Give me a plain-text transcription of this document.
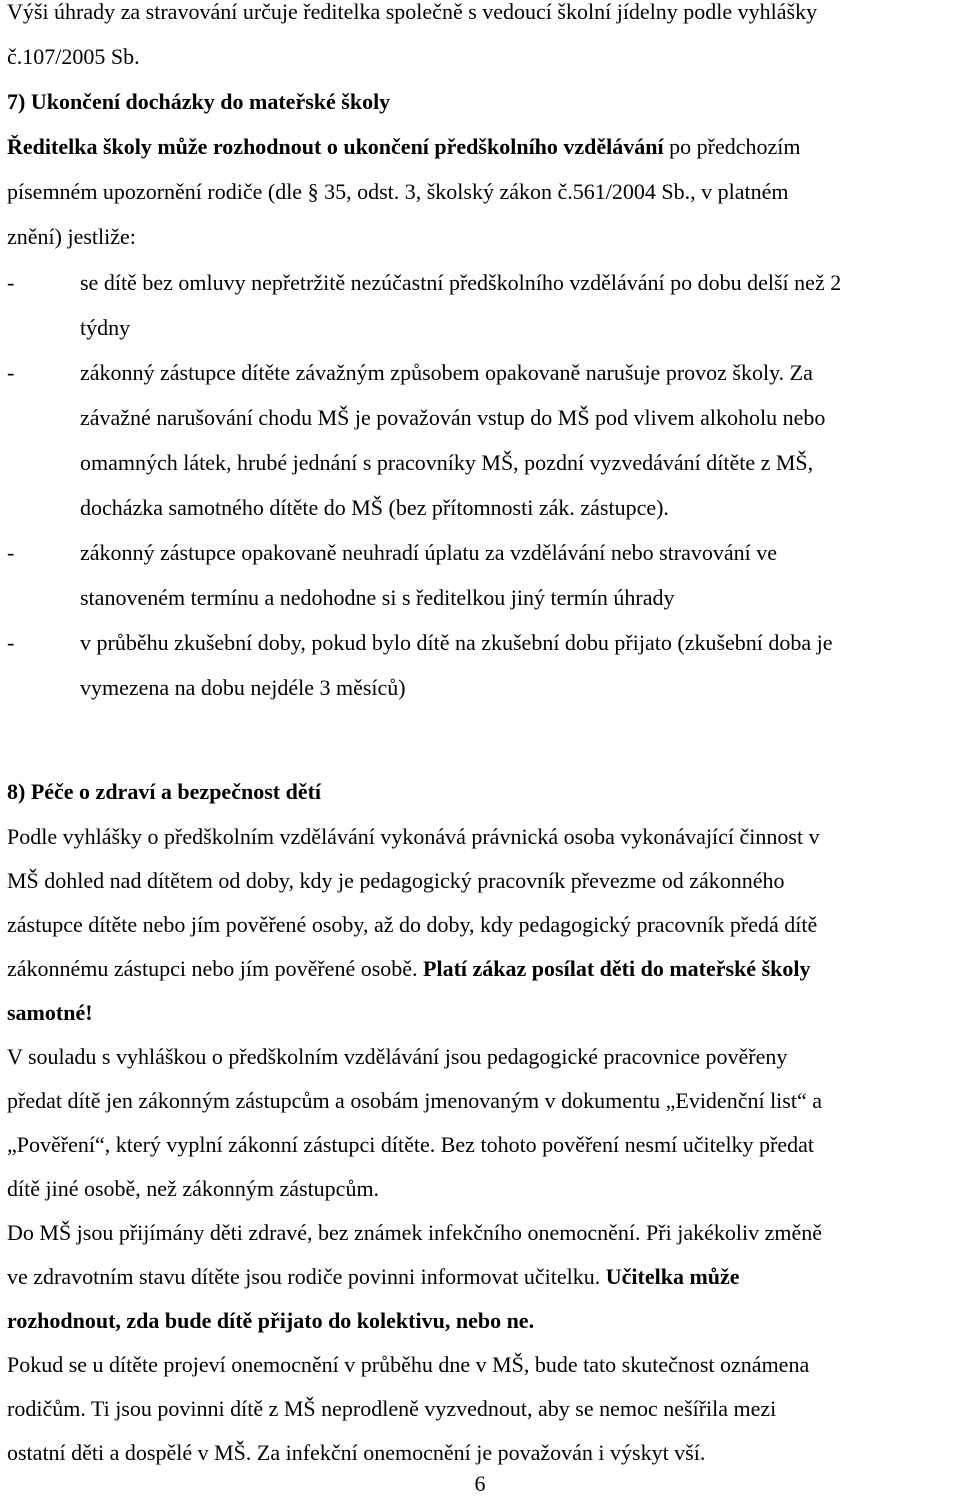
Výši úhrady za stravování určuje ředitelka společně s vedoucí školní jídelny podle vyhlášky
č.107/2005 Sb.
7) Ukončení docházky do mateřské školy
Ředitelka školy může rozhodnout o ukončení předškolního vzdělávání po předchozím
písemném upozornění rodiče (dle § 35, odst. 3, školský zákon č.561/2004 Sb., v platném
znění) jestliže:
-	se dítě bez omluvy nepřetržitě nezúčastní předškolního vzdělávání po dobu delší než 2
týdny
-	zákonný zástupce dítěte závažným způsobem opakovaně narušuje provoz školy. Za
závažné narušování chodu MŠ je považován vstup do MŠ pod vlivem alkoholu nebo
omamných látek, hrubé jednání s pracovníky MŠ, pozdní vyzvedávání dítěte z MŠ,
docházka samotného dítěte do MŠ (bez přítomnosti zák. zástupce).
-	zákonný zástupce opakovaně neuhradí úplatu za vzdělávání nebo stravování ve
stanoveném termínu a nedohodne si s ředitelkou jiný termín úhrady
-	v průběhu zkušební doby, pokud bylo dítě na zkušební dobu přijato (zkušební doba je
vymezena na dobu nejdéle 3 měsíců)
8) Péče o zdraví a bezpečnost dětí
Podle vyhlášky o předškolním vzdělávání vykonává právnická osoba vykonávající činnost v
MŠ dohled nad dítětem od doby, kdy je pedagogický pracovník převezme od zákonného
zástupce dítěte nebo jím pověřené osoby, až do doby, kdy pedagogický pracovník předá dítě
zákonnému zástupci nebo jím pověřené osobě. Platí zákaz posílat děti do mateřské školy
samotné!
V souladu s vyhláškou o předškolním vzdělávání jsou pedagogické pracovnice pověřeny
předat dítě jen zákonným zástupcům a osobám jmenovaným v dokumentu „Evidenční list“ a
„Pověření“, který vyplní zákonní zástupci dítěte. Bez tohoto pověření nesmí učitelky předat
dítě jiné osobě, než zákonným zástupcům.
Do MŠ jsou přijímány děti zdravé, bez známek infekčního onemocnění. Při jakékoliv změně
ve zdravotním stavu dítěte jsou rodiče povinni informovat učitelku. Učitelka může
rozhodnout, zda bude dítě přijato do kolektivu, nebo ne.
Pokud se u dítěte projeví onemocnění v průběhu dne v MŠ, bude tato skutečnost oznámena
rodičům. Ti jsou povinni dítě z MŠ neprodleně vyzvednout, aby se nemoc nešířila mezi
ostatní děti a dospělé v MŠ. Za infekční onemocnění je považován i výskyt vší.
6
